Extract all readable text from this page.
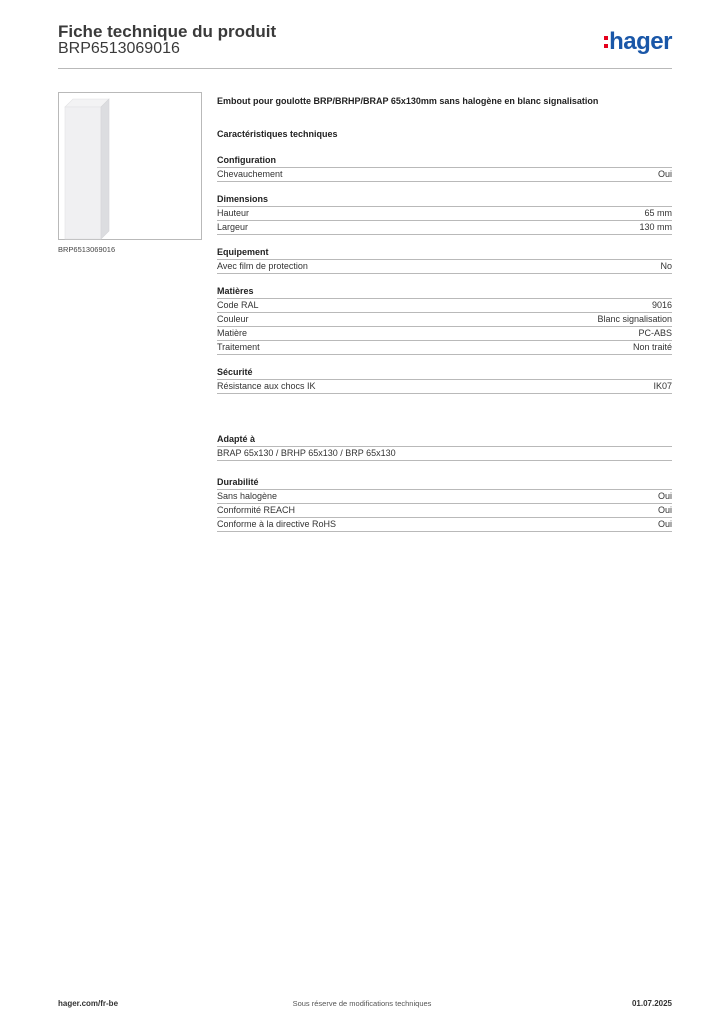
Fiche technique du produit
BRP6513069016	hager
BRP6513069016

Embout pour goulotte BRP/BRHP/BRAP 65x130mm sans halogène en blanc signalisation

Caractéristiques techniques
Configuration
Chevauchement	Oui
Dimensions
Hauteur	65 mm
Largeur	130 mm
Equipement
Avec film de protection	No
Matières
Code RAL	9016
Couleur	Blanc signalisation
Matière	PC-ABS
Traitement	Non traité
Sécurité
Résistance aux chocs IK	IK07
Adapté à
BRAP 65x130 / BRHP 65x130 / BRP 65x130
Durabilité
Sans halogène	Oui
Conformité REACH	Oui
Conforme à la directive RoHS	Oui
hager.com/fr-be	Sous réserve de modifications techniques	01.07.2025
